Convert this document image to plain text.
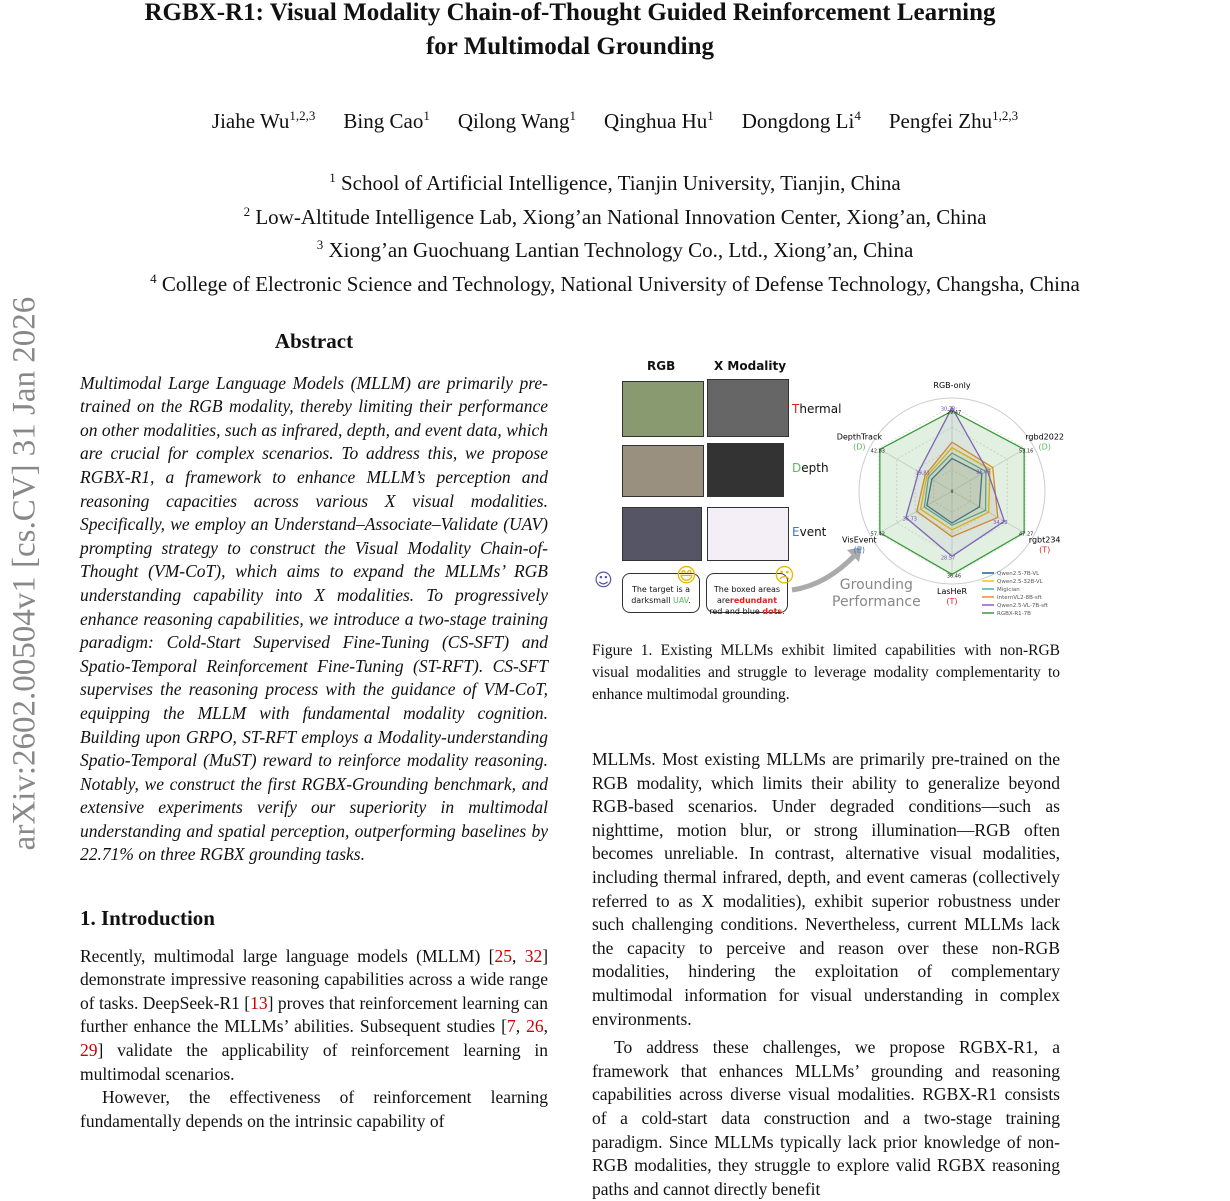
RGBX-R1: Visual Modality Chain-of-Thought Guided Reinforcement Learning
for Multimodal Grounding
Jiahe Wu$^{1,2,3}$ Bing Cao$^1$ Qilong Wang$^1$ Qinghua Hu$^1$ Dongdong Li$^4$ Pengfei Zhu$^{1,2,3}$
$^1$ School of Artificial Intelligence, Tianjin University, Tianjin, China
$^2$ Low-Altitude Intelligence Lab, Xiong’an National Innovation Center, Xiong’an, China
$^3$ Xiong’an Guochuang Lantian Technology Co., Ltd., Xiong’an, China
$^4$ College of Electronic Science and Technology, National University of Defense Technology, Changsha, China
arXiv:2602.00504v1 [cs.CV] 31 Jan 2026	Abstract

Multimodal Large Language Models (MLLM) are primarily pre-trained on the RGB modality, thereby limiting their performance on other modalities, such as infrared, depth, and event data, which are crucial for complex scenarios. To address this, we propose RGBX-R1, a framework to enhance MLLM’s perception and reasoning capacities across various X visual modalities. Specifically, we employ an Understand–Associate–Validate (UAV) prompting strategy to construct the Visual Modality Chain-of-Thought (VM-CoT), which aims to expand the MLLMs’ RGB understanding capability into X modalities. To progressively enhance reasoning capabilities, we introduce a two-stage training paradigm: Cold-Start Supervised Fine-Tuning (CS-SFT) and Spatio-Temporal Reinforcement Fine-Tuning (ST-RFT). CS-SFT supervises the reasoning process with the guidance of VM-CoT, equipping the MLLM with fundamental modality cognition. Building upon GRPO, ST-RFT employs a Modality-understanding Spatio-Temporal (MuST) reward to reinforce modality reasoning. Notably, we construct the first RGBX-Grounding benchmark, and extensive experiments verify our superiority in multimodal understanding and spatial perception, outperforming baselines by 22.71% on three RGBX grounding tasks.

1. Introduction

Recently, multimodal large language models (MLLM) [25, 32] demonstrate impressive reasoning capabilities across a wide range of tasks. DeepSeek-R1 [13] proves that reinforcement learning can further enhance the MLLMs’ abilities. Subsequent studies [7, 26, 29] validate the applicability of reinforcement learning in multimodal scenarios.

However, the effectiveness of reinforcement learning fundamentally depends on the intrinsic capability of

RGB	X Modality
Thermal
Depth
Event
☺	The target is a
darksmall UAV.
The boxed areas
areredundant
red and blue dots.
😄	☹	Grounding
Performance
RGB-only
rgbd2022
(D)
rgbt234
(T)
LasHeR
(T)
VisEvent
(E)
DepthTrack
(D)
Qwen2.5-7B-VL
Qwen2.5-32B-VL
Migician
InternVL2-8B-sft
Qwen2.5-VL-7B-sft
RGBX-R1-7B
30.73
26.05
34.28
28.57
36.73
19.81
29.47
53.16
47.27
36.46
57.42
42.83
0
Figure 1. Existing MLLMs exhibit limited capabilities with non-RGB visual modalities and struggle to leverage modality complementarity to enhance multimodal grounding.

MLLMs. Most existing MLLMs are primarily pre-trained on the RGB modality, which limits their ability to generalize beyond RGB-based scenarios. Under degraded conditions—such as nighttime, motion blur, or strong illumination—RGB often becomes unreliable. In contrast, alternative visual modalities, including thermal infrared, depth, and event cameras (collectively referred to as X modalities), exhibit superior robustness under such challenging conditions. Nevertheless, current MLLMs lack the capacity to perceive and reason over these non-RGB modalities, hindering the exploitation of complementary multimodal information for visual understanding in complex environments.

To address these challenges, we propose RGBX-R1, a framework that enhances MLLMs’ grounding and reasoning capabilities across diverse visual modalities. RGBX-R1 consists of a cold-start data construction and a two-stage training paradigm. Since MLLMs typically lack prior knowledge of non-RGB modalities, they struggle to explore valid RGBX reasoning paths and cannot directly benefit
